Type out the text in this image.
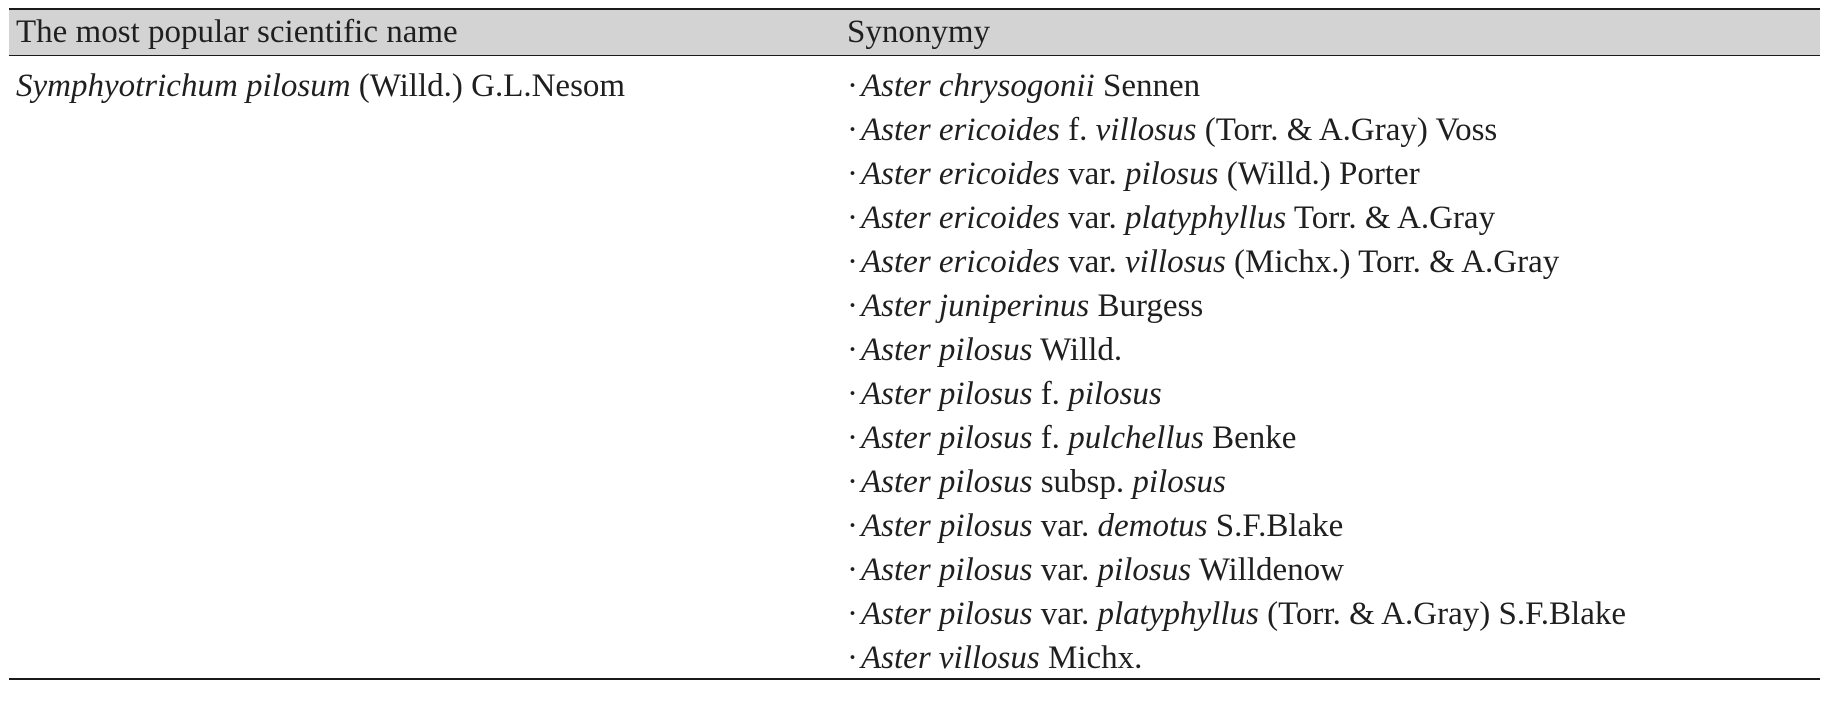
The most popular scientific name	Synonymy
Symphyotrichum pilosum (Willd.) G.L.Nesom	·Aster chrysogonii Sennen
·Aster ericoides f. villosus (Torr. & A.Gray) Voss
·Aster ericoides var. pilosus (Willd.) Porter
·Aster ericoides var. platyphyllus Torr. & A.Gray
·Aster ericoides var. villosus (Michx.) Torr. & A.Gray
·Aster juniperinus Burgess
·Aster pilosus Willd.
·Aster pilosus f. pilosus
·Aster pilosus f. pulchellus Benke
·Aster pilosus subsp. pilosus
·Aster pilosus var. demotus S.F.Blake
·Aster pilosus var. pilosus Willdenow
·Aster pilosus var. platyphyllus (Torr. & A.Gray) S.F.Blake
·Aster villosus Michx.
